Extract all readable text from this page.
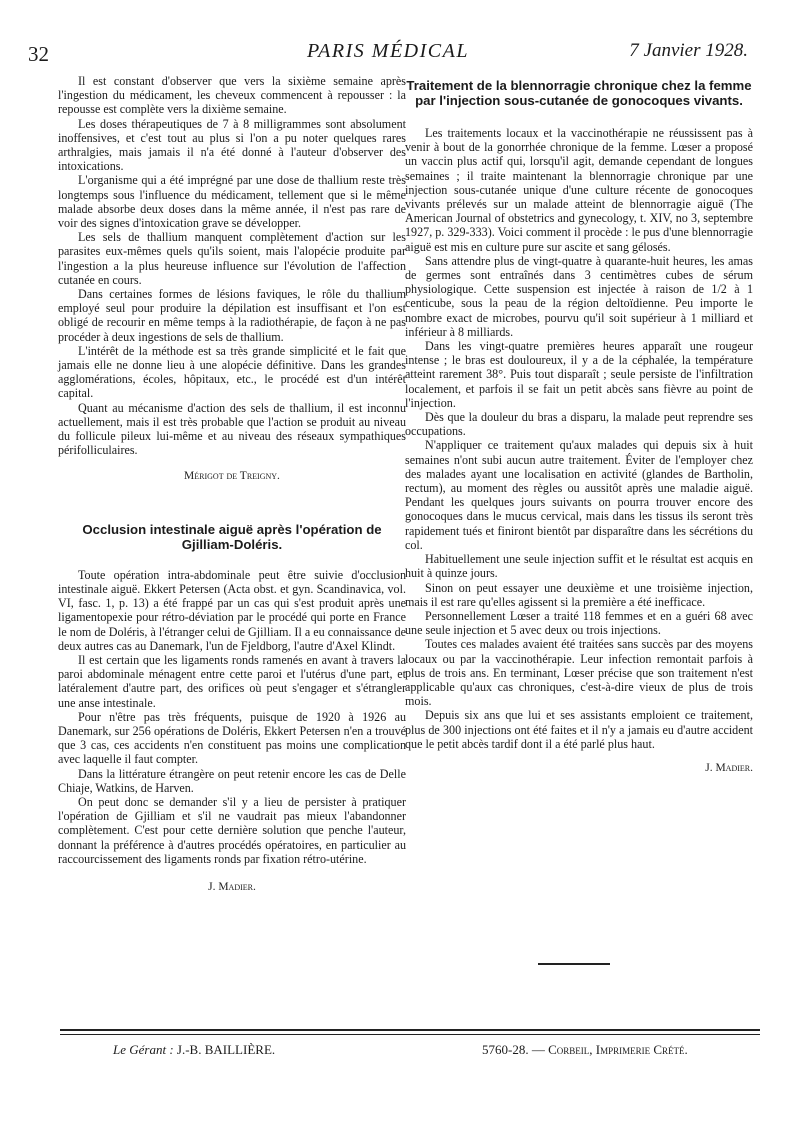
32	PARIS MÉDICAL	7 Janvier 1928.

Il est constant d'observer que vers la sixième semaine après l'ingestion du médicament, les cheveux commencent à repousser : la repousse est complète vers la dixième semaine.

Les doses thérapeutiques de 7 à 8 milligrammes sont absolument inoffensives, et c'est tout au plus si l'on a pu noter quelques rares arthralgies, mais jamais il n'a été donné à l'auteur d'observer des intoxications.

L'organisme qui a été imprégné par une dose de thallium reste très longtemps sous l'influence du médicament, tellement que si le même malade absorbe deux doses dans la même année, il n'est pas rare de voir des signes d'intoxication grave se développer.

Les sels de thallium manquent complètement d'action sur les parasites eux-mêmes quels qu'ils soient, mais l'alopécie produite par l'ingestion a la plus heureuse influence sur l'évolution de l'affection cutanée en cours.

Dans certaines formes de lésions faviques, le rôle du thallium employé seul pour produire la dépilation est insuffisant et l'on est obligé de recourir en même temps à la radiothérapie, de façon à ne pas procéder à deux ingestions de sels de thallium.

L'intérêt de la méthode est sa très grande simplicité et le fait que jamais elle ne donne lieu à une alopécie définitive. Dans les grandes agglomérations, écoles, hôpitaux, etc., le procédé est d'un intérêt capital.

Quant au mécanisme d'action des sels de thallium, il est inconnu actuellement, mais il est très probable que l'action se produit au niveau du follicule pileux lui-même et au niveau des réseaux sympathiques périfolliculaires.

Mérigot de Treigny.

Occlusion intestinale aiguë après l'opération de Gjilliam-Doléris.

Toute opération intra-abdominale peut être suivie d'occlusion intestinale aiguë. Ekkert Petersen (Acta obst. et gyn. Scandinavica, vol. VI, fasc. 1, p. 13) a été frappé par un cas qui s'est produit après une ligamentopexie pour rétro-déviation par le procédé qui porte en France le nom de Doléris, à l'étranger celui de Gjilliam. Il a eu connaissance de deux autres cas au Danemark, l'un de Fjeldborg, l'autre d'Axel Klindt.

Il est certain que les ligaments ronds ramenés en avant à travers la paroi abdominale ménagent entre cette paroi et l'utérus d'une part, et latéralement d'autre part, des orifices où peut s'engager et s'étrangler une anse intestinale.

Pour n'être pas très fréquents, puisque de 1920 à 1926 au Danemark, sur 256 opérations de Doléris, Ekkert Petersen n'en a trouvé que 3 cas, ces accidents n'en constituent pas moins une complication avec laquelle il faut compter.

Dans la littérature étrangère on peut retenir encore les cas de Delle Chiaje, Watkins, de Harven.

On peut donc se demander s'il y a lieu de persister à pratiquer l'opération de Gjilliam et s'il ne vaudrait pas mieux l'abandonner complètement. C'est pour cette dernière solution que penche l'auteur, donnant la préférence à d'autres procédés opératoires, en particulier au raccourcissement des ligaments ronds par fixation rétro-utérine.

J. Madier.

Traitement de la blennorragie chronique chez la femme par l'injection sous-cutanée de gonocoques vivants.

Les traitements locaux et la vaccinothérapie ne réussissent pas à venir à bout de la gonorrhée chronique de la femme. Lœser a proposé un vaccin plus actif qui, lorsqu'il agit, demande cependant de longues semaines ; il traite maintenant la blennorragie chronique par une injection sous-cutanée unique d'une culture récente de gonocoques vivants prélevés sur un malade atteint de blennorragie aiguë (The American Journal of obstetrics and gynecology, t. XIV, no 3, septembre 1927, p. 329-333). Voici comment il procède : le pus d'une blennorragie aiguë est mis en culture pure sur ascite et sang gélosés.

Sans attendre plus de vingt-quatre à quarante-huit heures, les amas de germes sont entraînés dans 3 centimètres cubes de sérum physiologique. Cette suspension est injectée à raison de 1/2 à 1 centicube, sous la peau de la région deltoïdienne. Peu importe le nombre exact de microbes, pourvu qu'il soit supérieur à 1 milliard et inférieur à 8 milliards.

Dans les vingt-quatre premières heures apparaît une rougeur intense ; le bras est douloureux, il y a de la céphalée, la température atteint rarement 38°. Puis tout disparaît ; seule persiste de l'infiltration localement, et parfois il se fait un petit abcès sans fièvre au point de l'injection.

Dès que la douleur du bras a disparu, la malade peut reprendre ses occupations.

N'appliquer ce traitement qu'aux malades qui depuis six à huit semaines n'ont subi aucun autre traitement. Éviter de l'employer chez des malades ayant une localisation en activité (glandes de Bartholin, rectum), au moment des règles ou aussitôt après une maladie aiguë. Pendant les quelques jours suivants on pourra trouver encore des gonocoques dans le mucus cervical, mais dans les tissus ils seront très rapidement tués et finiront bientôt par disparaître dans les sécrétions du col.

Habituellement une seule injection suffit et le résultat est acquis en huit à quinze jours.

Sinon on peut essayer une deuxième et une troisième injection, mais il est rare qu'elles agissent si la première a été inefficace.

Personnellement Lœser a traité 118 femmes et en a guéri 68 avec une seule injection et 5 avec deux ou trois injections.

Toutes ces malades avaient été traitées sans succès par des moyens locaux ou par la vaccinothérapie. Leur infection remontait parfois à plus de trois ans. En terminant, Lœser précise que son traitement n'est applicable qu'aux cas chroniques, c'est-à-dire vieux de plus de trois mois.

Depuis six ans que lui et ses assistants emploient ce traitement, plus de 300 injections ont été faites et il n'y a jamais eu d'autre accident que le petit abcès tardif dont il a été parlé plus haut.

J. Madier.

Le Gérant : J.-B. BAILLIÈRE.	5760-28. — Corbeil, Imprimerie Crété.
